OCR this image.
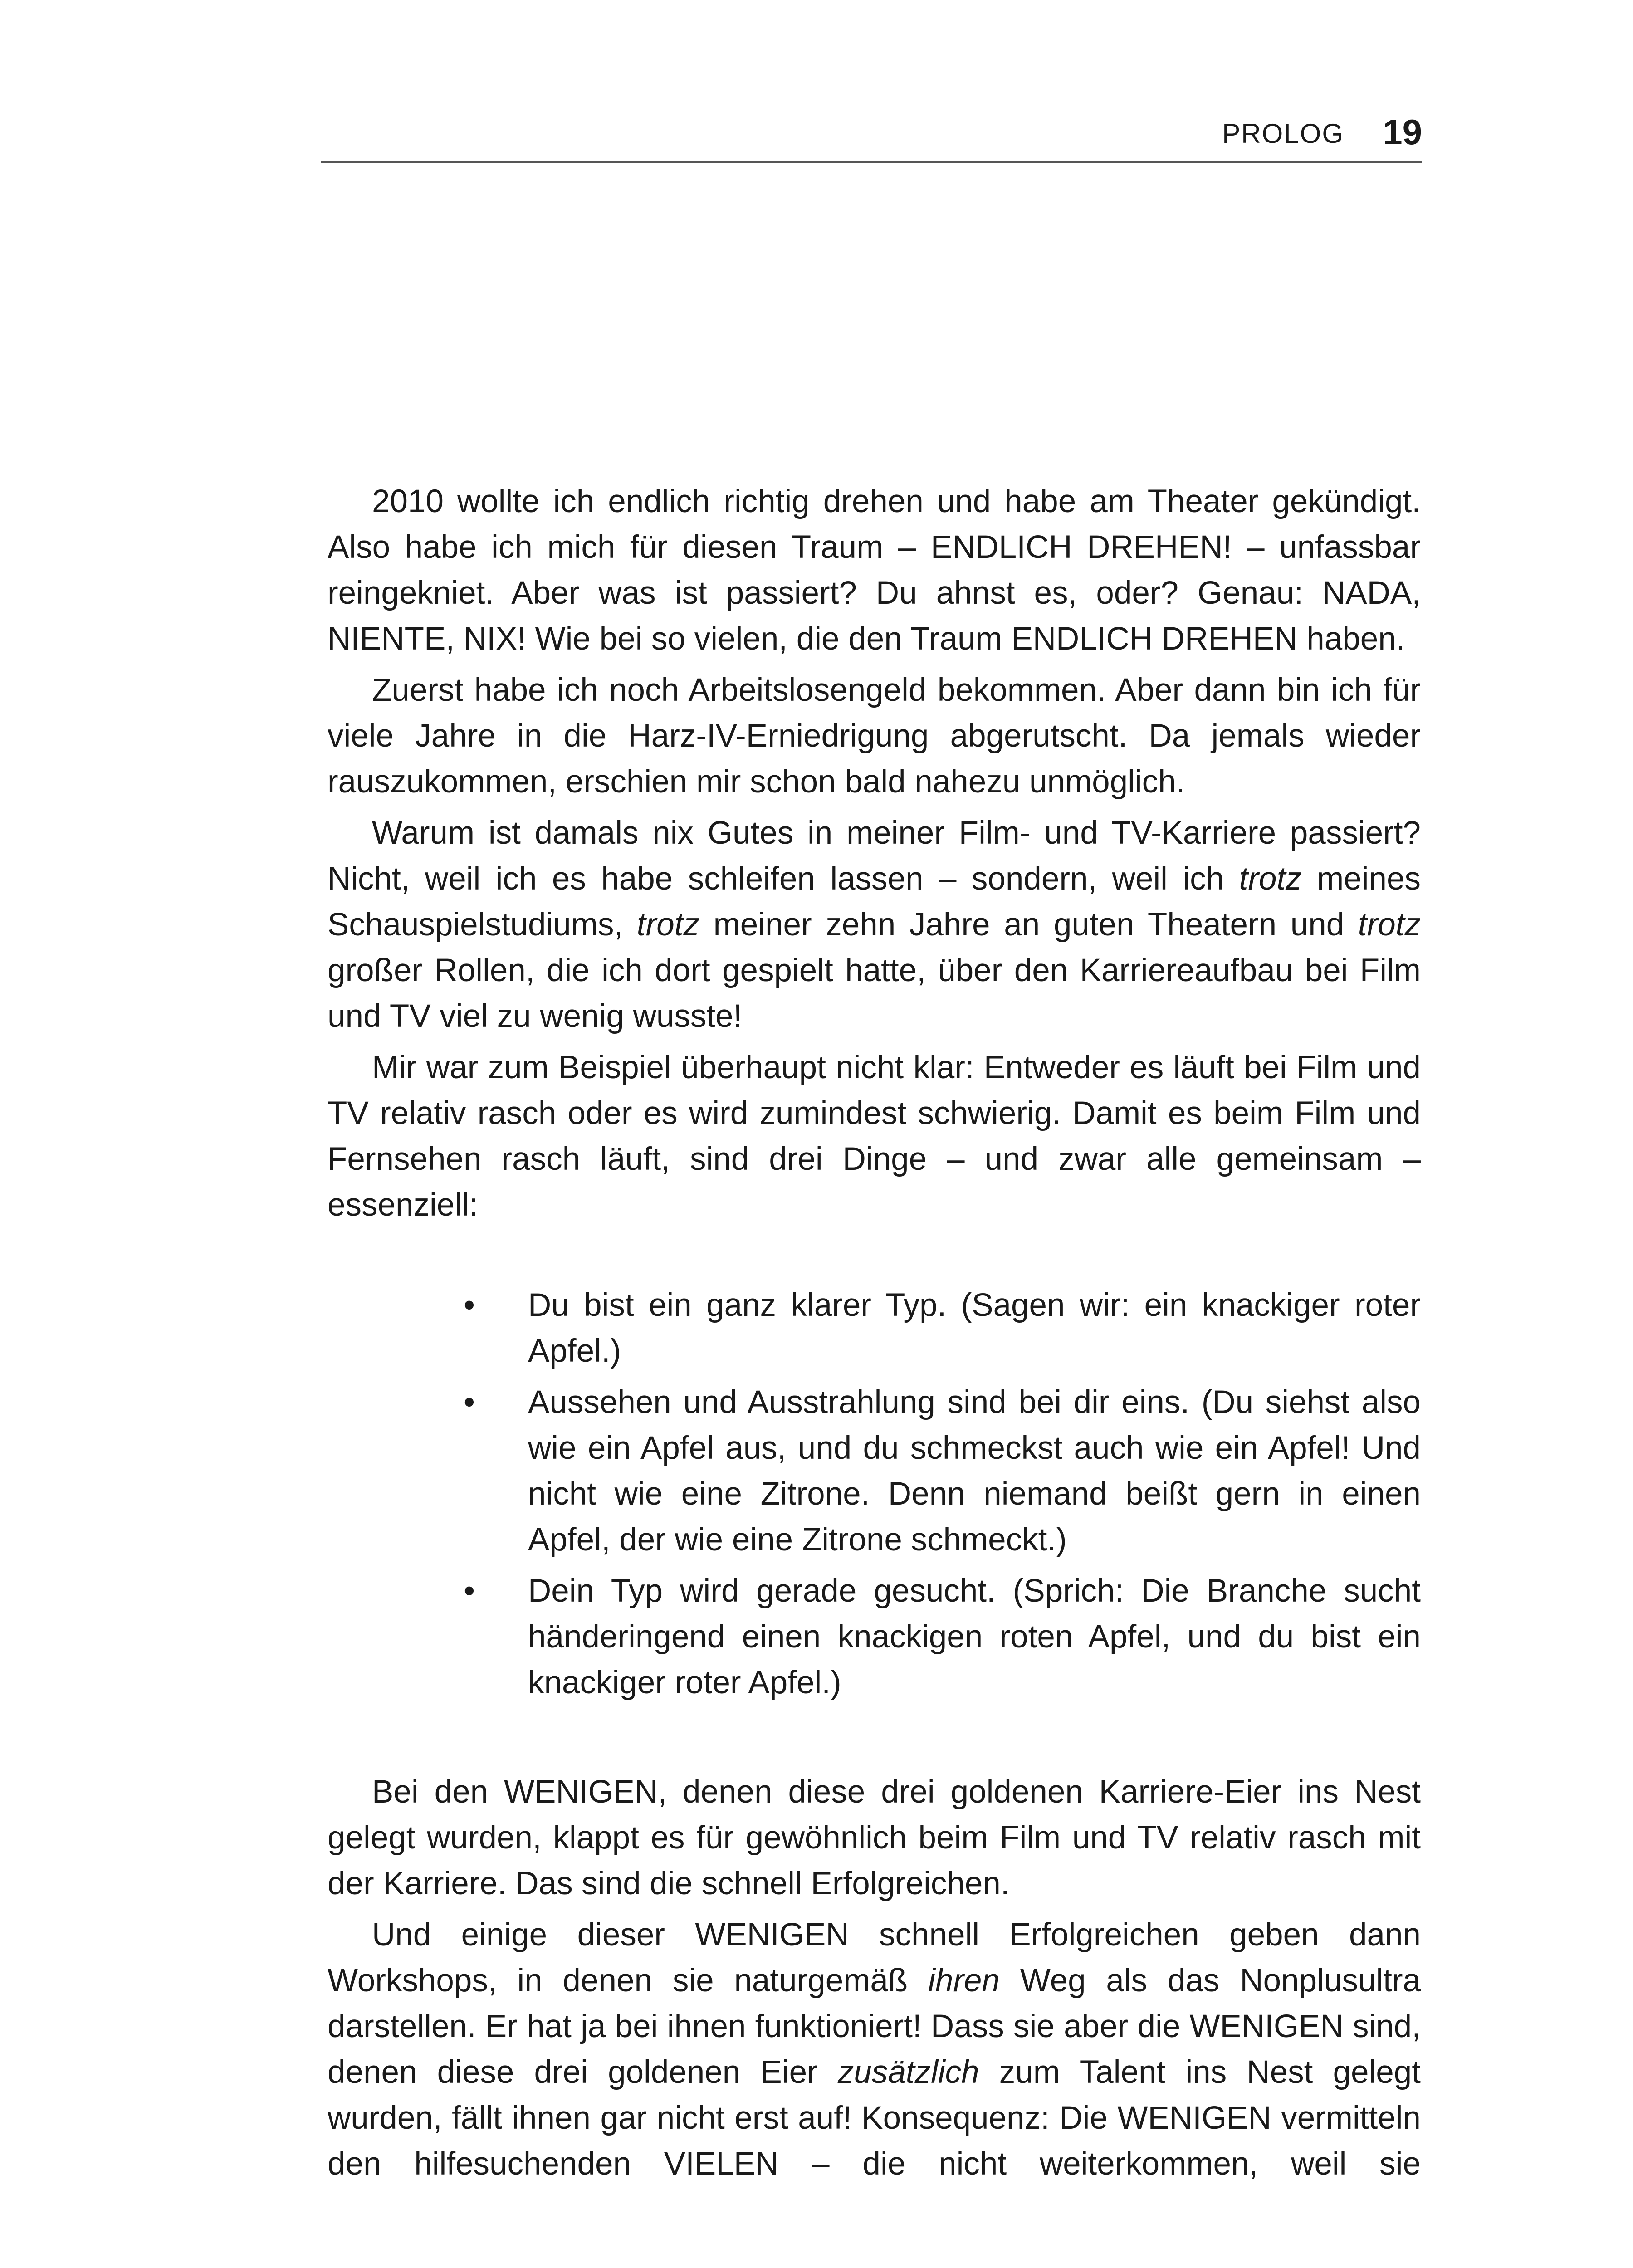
PROLOG 19

2010 wollte ich endlich richtig drehen und habe am Theater gekündigt. Also habe ich mich für diesen Traum – ENDLICH DREHEN! – unfassbar reingekniet. Aber was ist passiert? Du ahnst es, oder? Genau: NADA, NIENTE, NIX! Wie bei so vielen, die den Traum ENDLICH DREHEN haben.

Zuerst habe ich noch Arbeitslosengeld bekommen. Aber dann bin ich für viele Jahre in die Harz-IV-Erniedrigung abgerutscht. Da jemals wieder rauszukommen, erschien mir schon bald nahezu unmöglich.

Warum ist damals nix Gutes in meiner Film- und TV-Karriere passiert? Nicht, weil ich es habe schleifen lassen – sondern, weil ich trotz meines Schauspielstudiums, trotz meiner zehn Jahre an guten Theatern und trotz großer Rollen, die ich dort gespielt hatte, über den Karriereaufbau bei Film und TV viel zu wenig wusste!

Mir war zum Beispiel überhaupt nicht klar: Entweder es läuft bei Film und TV relativ rasch oder es wird zumindest schwierig. Damit es beim Film und Fernsehen rasch läuft, sind drei Dinge – und zwar alle gemeinsam – essenziell:

• Du bist ein ganz klarer Typ. (Sagen wir: ein knackiger roter Apfel.)
• Aussehen und Ausstrahlung sind bei dir eins. (Du siehst also wie ein Apfel aus, und du schmeckst auch wie ein Apfel! Und nicht wie eine Zitrone. Denn niemand beißt gern in einen Apfel, der wie eine Zitrone schmeckt.)
• Dein Typ wird gerade gesucht. (Sprich: Die Branche sucht händeringend einen knackigen roten Apfel, und du bist ein knackiger roter Apfel.)

Bei den WENIGEN, denen diese drei goldenen Karriere-Eier ins Nest gelegt wurden, klappt es für gewöhnlich beim Film und TV relativ rasch mit der Karriere. Das sind die schnell Erfolgreichen.

Und einige dieser WENIGEN schnell Erfolgreichen geben dann Workshops, in denen sie naturgemäß ihren Weg als das Nonplusultra darstellen. Er hat ja bei ihnen funktioniert! Dass sie aber die WENIGEN sind, denen diese drei goldenen Eier zusätzlich zum Talent ins Nest gelegt wurden, fällt ihnen gar nicht erst auf! Konsequenz: Die WENIGEN vermitteln den hilfesuchenden VIELEN – die nicht weiterkommen, weil sie
